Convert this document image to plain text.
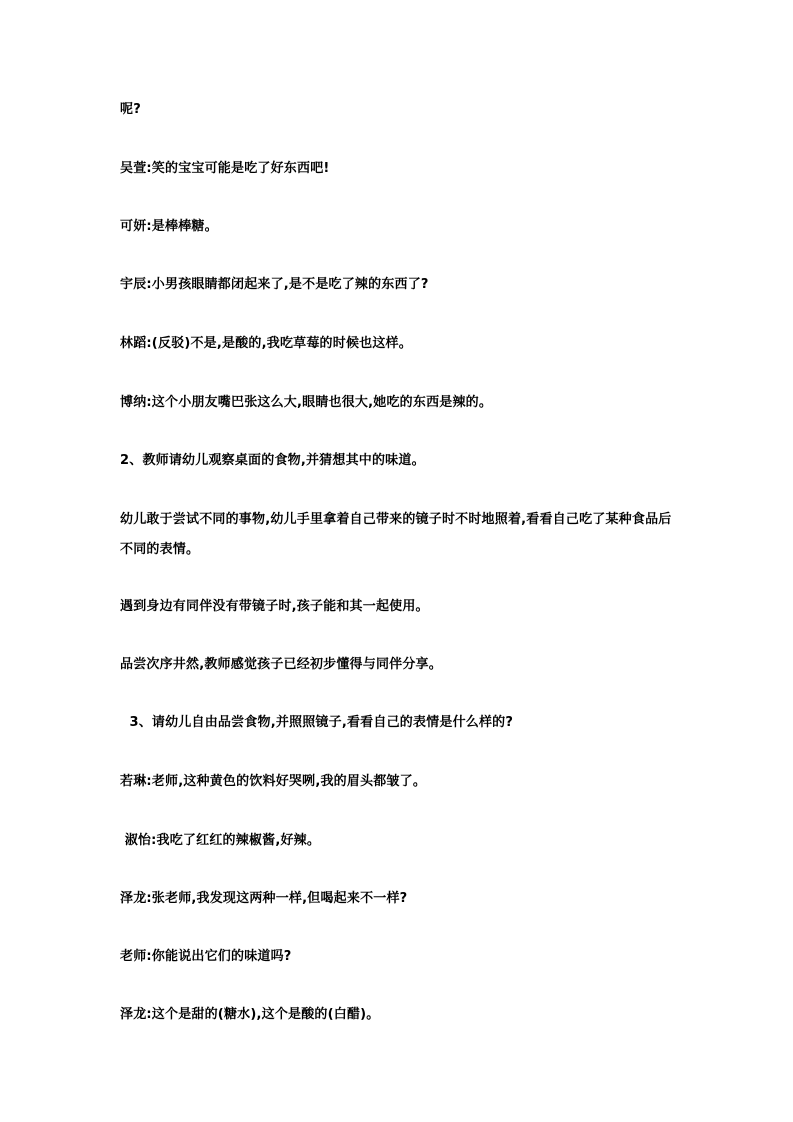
呢?
吴萱:笑的宝宝可能是吃了好东西吧!
可妍:是棒棒糖。
宇辰:小男孩眼睛都闭起来了,是不是吃了辣的东西了?
林蹈:(反驳)不是,是酸的,我吃草莓的时候也这样。
博纳:这个小朋友嘴巴张这么大,眼睛也很大,她吃的东西是辣的。
2、教师请幼儿观察桌面的食物,并猜想其中的味道。
幼儿敢于尝试不同的事物,幼儿手里拿着自己带来的镜子时不时地照着,看看自己吃了某种食品后不同的表情。
遇到身边有同伴没有带镜子时,孩子能和其一起使用。
品尝次序井然,教师感觉孩子已经初步懂得与同伴分享。
3、请幼儿自由品尝食物,并照照镜子,看看自己的表情是什么样的?
若琳:老师,这种黄色的饮料好哭咧,我的眉头都皱了。
淑怡:我吃了红红的辣椒酱,好辣。
泽龙:张老师,我发现这两种一样,但喝起来不一样?
老师:你能说出它们的味道吗?
泽龙:这个是甜的(糖水),这个是酸的(白醋)。
